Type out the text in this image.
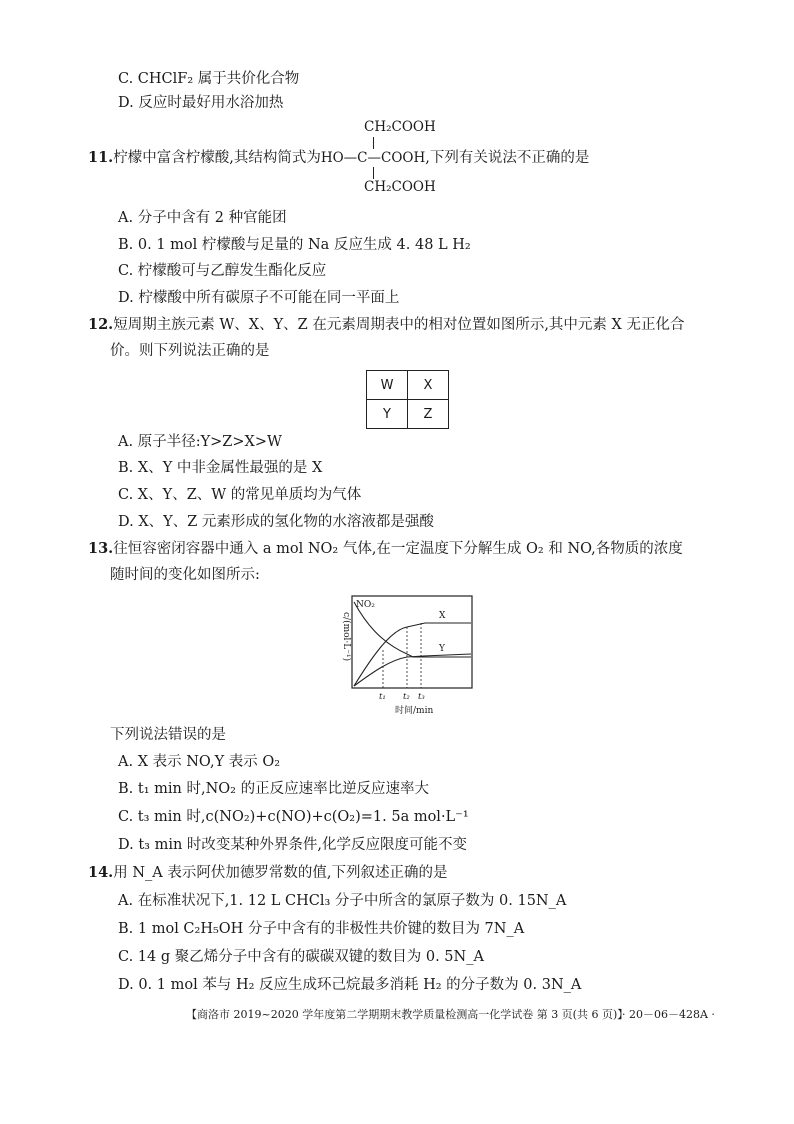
C. CHClF₂ 属于共价化合物
D. 反应时最好用水浴加热
CH₂COOH
11.柠檬中富含柠檬酸,其结构简式为HO—C—COOH,下列有关说法不正确的是
CH₂COOH
A. 分子中含有 2 种官能团
B. 0. 1 mol 柠檬酸与足量的 Na 反应生成 4. 48 L H₂
C. 柠檬酸可与乙醇发生酯化反应
D. 柠檬酸中所有碳原子不可能在同一平面上
12.短周期主族元素 W、X、Y、Z 在元素周期表中的相对位置如图所示,其中元素 X 无正化合
价。则下列说法正确的是
W	X
Y	Z
A. 原子半径:Y>Z>X>W
B. X、Y 中非金属性最强的是 X
C. X、Y、Z、W 的常见单质均为气体
D. X、Y、Z 元素形成的氢化物的水溶液都是强酸
13.往恒容密闭容器中通入 a mol NO₂ 气体,在一定温度下分解生成 O₂ 和 NO,各物质的浓度
随时间的变化如图所示:
c/(mol·L⁻¹)
NO₂
X
Y
t₁ t₂ t₃
时间/min
下列说法错误的是
A. X 表示 NO,Y 表示 O₂
B. t₁ min 时,NO₂ 的正反应速率比逆反应速率大
C. t₃ min 时,c(NO₂)+c(NO)+c(O₂)=1. 5a mol·L⁻¹
D. t₃ min 时改变某种外界条件,化学反应限度可能不变
14.用 N_A 表示阿伏加德罗常数的值,下列叙述正确的是
A. 在标准状况下,1. 12 L CHCl₃ 分子中所含的氯原子数为 0. 15N_A
B. 1 mol C₂H₅OH 分子中含有的非极性共价键的数目为 7N_A
C. 14 g 聚乙烯分子中含有的碳碳双键的数目为 0. 5N_A
D. 0. 1 mol 苯与 H₂ 反应生成环己烷最多消耗 H₂ 的分子数为 0. 3N_A
【商洛市 2019~2020 学年度第二学期期末教学质量检测高一化学试卷 第 3 页(共 6 页)】
· 20－06－428A ·
